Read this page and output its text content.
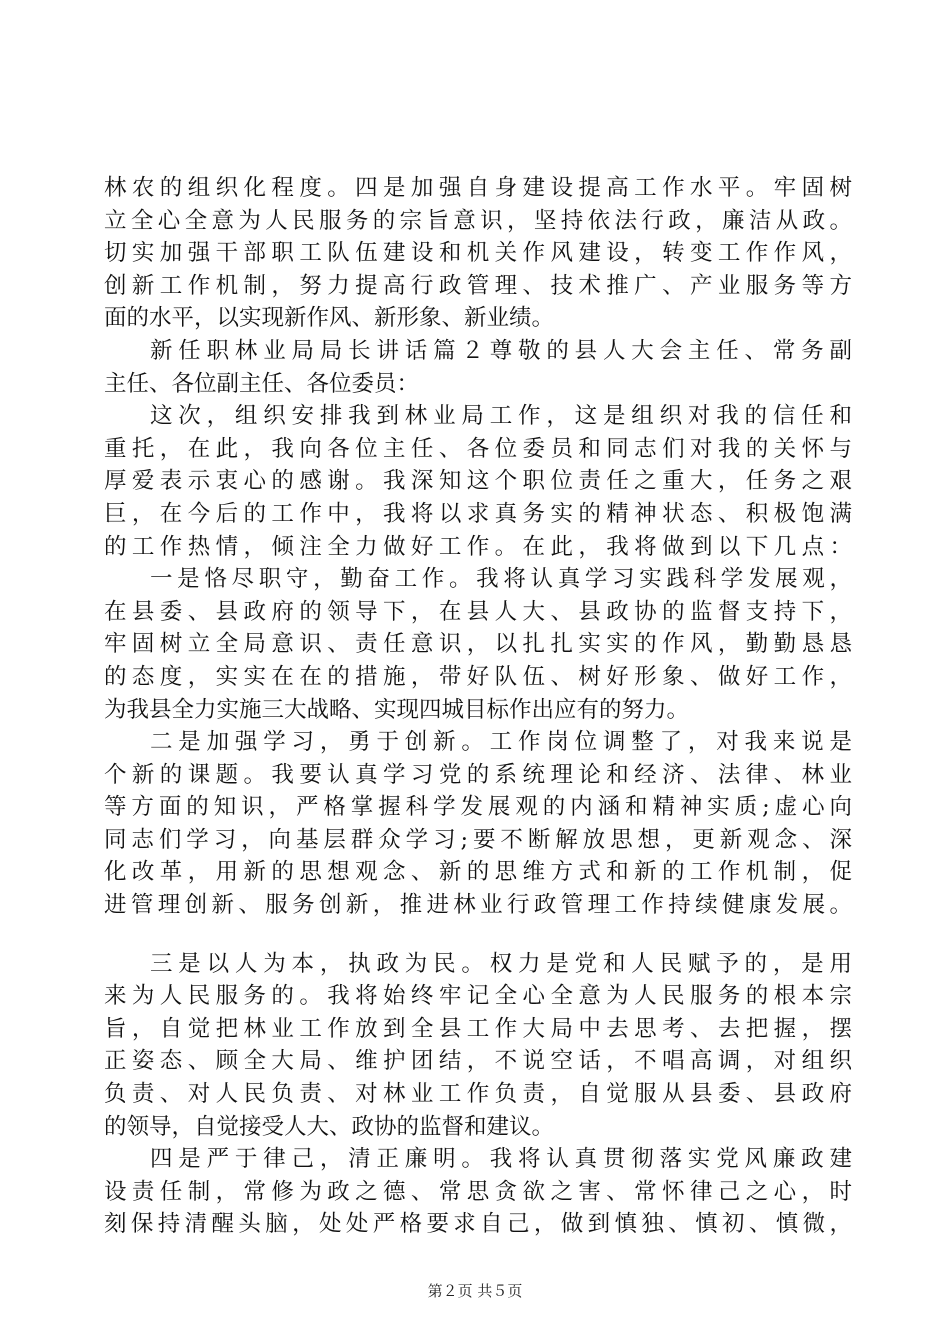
林农的组织化程度。四是加强自身建设提高工作水平。牢固树
立全心全意为人民服务的宗旨意识，坚持依法行政，廉洁从政。
切实加强干部职工队伍建设和机关作风建设，转变工作作风，
创新工作机制，努力提高行政管理、技术推广、产业服务等方
面的水平，以实现新作风、新形象、新业绩。
新任职林业局局长讲话篇２尊敬的县人大会主任、常务副
主任、各位副主任、各位委员：
这次，组织安排我到林业局工作，这是组织对我的信任和
重托，在此，我向各位主任、各位委员和同志们对我的关怀与
厚爱表示衷心的感谢。我深知这个职位责任之重大，任务之艰
巨，在今后的工作中，我将以求真务实的精神状态、积极饱满
的工作热情，倾注全力做好工作。在此，我将做到以下几点：
一是恪尽职守，勤奋工作。我将认真学习实践科学发展观，
在县委、县政府的领导下，在县人大、县政协的监督支持下，
牢固树立全局意识、责任意识，以扎扎实实的作风，勤勤恳恳
的态度，实实在在的措施，带好队伍、树好形象、做好工作，
为我县全力实施三大战略、实现四城目标作出应有的努力。
二是加强学习，勇于创新。工作岗位调整了，对我来说是
个新的课题。我要认真学习党的系统理论和经济、法律、林业
等方面的知识，严格掌握科学发展观的内涵和精神实质;虚心向
同志们学习，向基层群众学习;要不断解放思想，更新观念、深
化改革，用新的思想观念、新的思维方式和新的工作机制，促
进管理创新、服务创新，推进林业行政管理工作持续健康发展。
三是以人为本，执政为民。权力是党和人民赋予的，是用
来为人民服务的。我将始终牢记全心全意为人民服务的根本宗
旨，自觉把林业工作放到全县工作大局中去思考、去把握，摆
正姿态、顾全大局、维护团结，不说空话，不唱高调，对组织
负责、对人民负责、对林业工作负责，自觉服从县委、县政府
的领导，自觉接受人大、政协的监督和建议。
四是严于律己，清正廉明。我将认真贯彻落实党风廉政建
设责任制，常修为政之德、常思贪欲之害、常怀律己之心，时
刻保持清醒头脑，处处严格要求自己，做到慎独、慎初、慎微，
第２页 共５页
